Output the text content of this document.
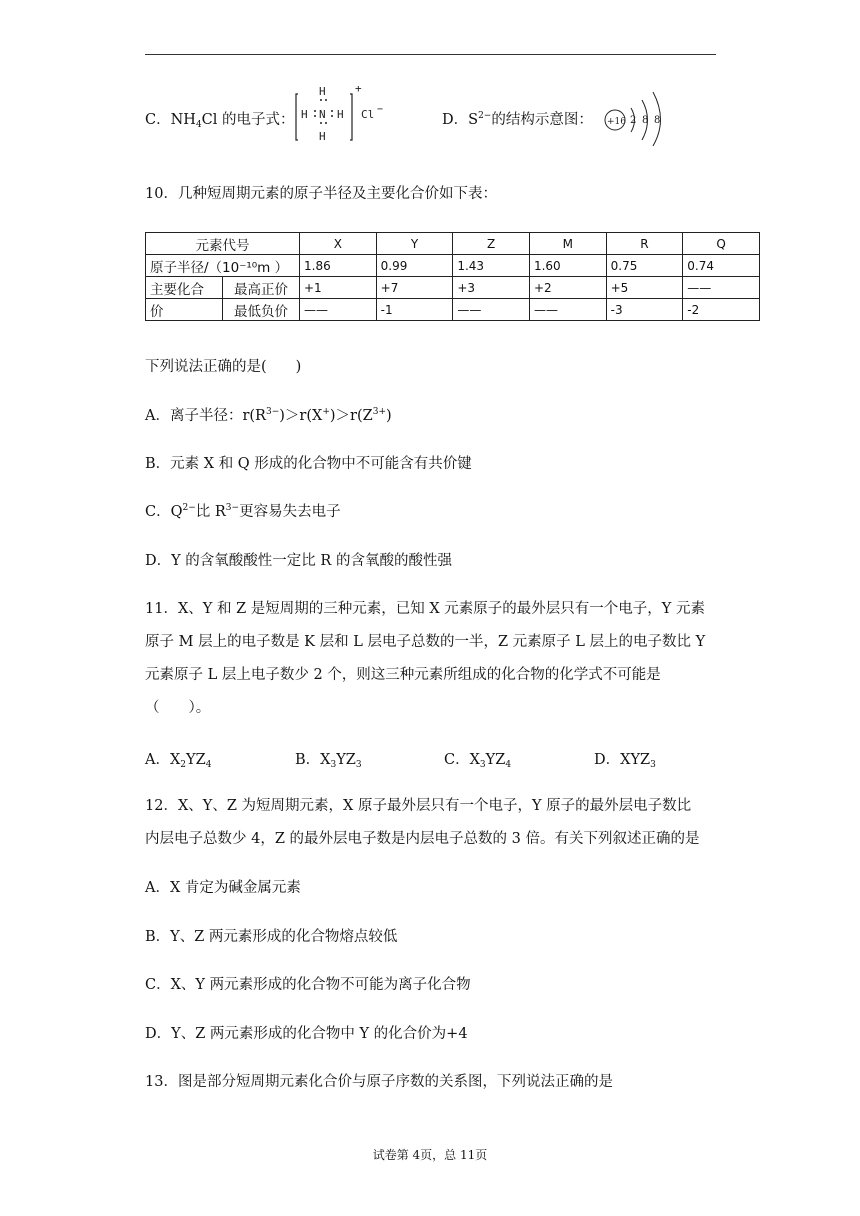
C．$NH_4Cl$ 的电子式：
H
H N H
H
+
Cl −
D．$S^{2-}$的结构示意图： +16 2 8 8
10．几种短周期元素的原子半径及主要化合价如下表：
元素代号		X	Y	Z	M	R	Q
原子半径/（10⁻¹⁰m ）		1.86	0.99	1.43	1.60	0.75	0.74
主要化合	最高正价	+1	+7	+3	+2	+5	——
价	最低负价	——	-1	——	——	-3	-2
下列说法正确的是(　　)
A．离子半径：$r(R^{3-})>r(X^+)>r(Z^{3+})$
B．元素 X 和 Q 形成的化合物中不可能含有共价键
C．$Q^{2-}$比 $R^{3-}$更容易失去电子
D．Y 的含氧酸酸性一定比 R 的含氧酸的酸性强
11．X、Y 和 Z 是短周期的三种元素，已知 X 元素原子的最外层只有一个电子，Y 元素
原子 M 层上的电子数是 K 层和 L 层电子总数的一半，Z 元素原子 L 层上的电子数比 Y
元素原子 L 层上电子数少 2 个，则这三种元素所组成的化合物的化学式不可能是
（　　）。
A．$X_2YZ_4$	B．$X_3YZ_3$	C．$X_3YZ_4$	D．$XYZ_3$
12．X、Y、Z 为短周期元素，X 原子最外层只有一个电子，Y 原子的最外层电子数比
内层电子总数少 4，Z 的最外层电子数是内层电子总数的 3 倍。有关下列叙述正确的是
A．X 肯定为碱金属元素
B．Y、Z 两元素形成的化合物熔点较低
C．X、Y 两元素形成的化合物不可能为离子化合物
D．Y、Z 两元素形成的化合物中 Y 的化合价为+4
13．图是部分短周期元素化合价与原子序数的关系图，下列说法正确的是
试卷第 4页，总 11页
